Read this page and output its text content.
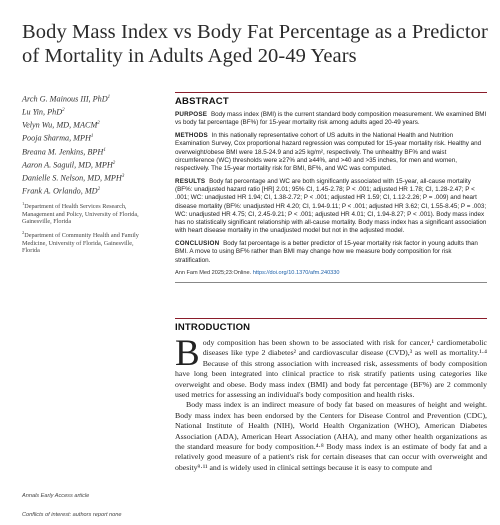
Body Mass Index vs Body Fat Percentage as a Predictor of Mortality in Adults Aged 20-49 Years
Arch G. Mainous III, PhD$^1$
Lu Yin, PhD$^2$
Velyn Wu, MD, MACM$^2$
Pooja Sharma, MPH$^1$
Breana M. Jenkins, BPH$^1$
Aaron A. Saguil, MD, MPH$^2$
Danielle S. Nelson, MD, MPH$^3$
Frank A. Orlando, $MD^2$
$^1$Department of Health Services Research, Management and Policy, University of Florida, Gainesville, Florida
$^2$Department of Community Health and Family Medicine, University of Florida, Gainesville, Florida
ABSTRACT
PURPOSE Body mass index (BMI) is the current standard body composition measurement. We examined BMI vs body fat percentage (BF%) for 15-year mortality risk among adults aged 20-49 years.
METHODS In this nationally representative cohort of US adults in the National Health and Nutrition Examination Survey, Cox proportional hazard regression was computed for 15-year mortality risk. Healthy and overweight/obese BMI were 18.5-24.9 and ≥25 kg/m², respectively. The unhealthy BF% and waist circumference (WC) thresholds were ≥27% and ≥44%, and >40 and >35 inches, for men and women, respectively. The 15-year mortality risk for BMI, BF%, and WC was computed.
RESULTS Body fat percentage and WC are both significantly associated with 15-year, all-cause mortality (BF%: unadjusted hazard ratio [HR] 2.01; 95% CI, 1.45-2.78; P < .001; adjusted HR 1.78; CI, 1.28-2.47; P < .001; WC: unadjusted HR 1.94; CI, 1.38-2.72; P < .001; adjusted HR 1.59; CI, 1.12-2.26; P = .009) and heart disease mortality (BF%: unadjusted HR 4.20; CI, 1.94-9.11; P < .001; adjusted HR 3.62; CI, 1.55-8.45; P = .003; WC: unadjusted HR 4.75; CI, 2.45-9.21; P < .001; adjusted HR 4.01; CI, 1.94-8.27; P < .001). Body mass index has no statistically significant relationship with all-cause mortality. Body mass index has a significant association with heart disease mortality in the unadjusted model but not in the adjusted model.
CONCLUSION Body fat percentage is a better predictor of 15-year mortality risk factor in young adults than BMI. A move to using BF% rather than BMI may change how we measure body composition for risk stratification.
Ann Fam Med 2025;23:Online. https://doi.org/10.1370/afm.240330
INTRODUCTION

Body composition has been shown to be associated with risk for cancer,¹ cardiometabolic diseases like type 2 diabetes² and cardiovascular disease (CVD),³ as well as mortality.¹·⁴ Because of this strong association with increased risk, assessments of body composition have long been integrated into clinical practice to risk stratify patients using categories like overweight and obese. Body mass index (BMI) and body fat percentage (BF%) are 2 commonly used metrics for assessing an individual's body composition and health risks.

Body mass index is an indirect measure of body fat based on measures of height and weight. Body mass index has been endorsed by the Centers for Disease Control and Prevention (CDC), National Institute of Health (NIH), World Health Organization (WHO), American Diabetes Association (ADA), American Heart Association (AHA), and many other health organizations as the standard measure for body composition.⁴·⁸ Body mass index is an estimate of body fat and a relatively good measure of a patient's risk for certain diseases that can occur with overweight and obesity⁹·¹¹ and is widely used in clinical settings because it is easy to compute and

Annals Early Access article
Conflicts of interest: authors report none
